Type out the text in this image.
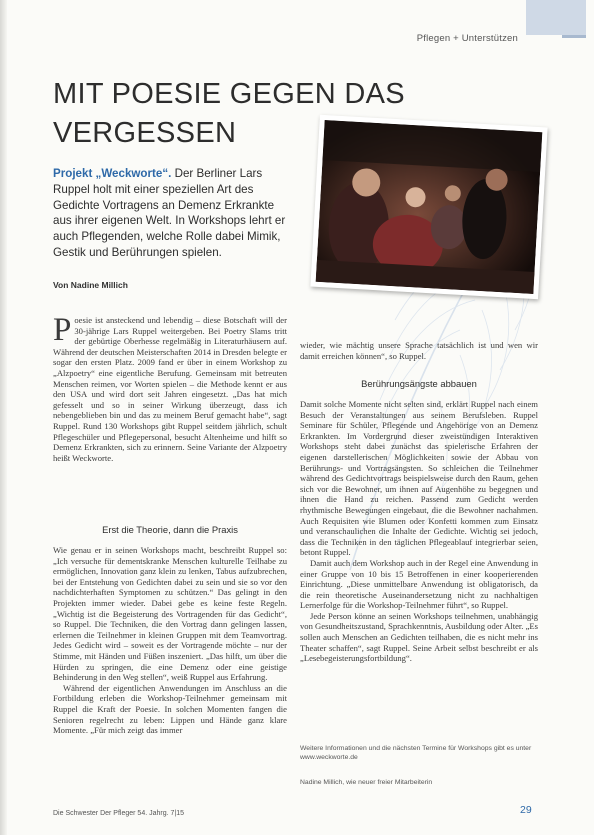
Pflegen + Unterstützen
MIT POESIE GEGEN DAS VERGESSEN
Projekt „Weckworte“. Der Berliner Lars Ruppel holt mit einer speziellen Art des Gedichte Vortragens an Demenz Erkrankte aus ihrer eigenen Welt. In Workshops lehrt er auch Pflegenden, welche Rolle dabei Mimik, Gestik und Berührungen spielen.
Von Nadine Millich

Poesie ist ansteckend und lebendig – diese Botschaft will der 30-jährige Lars Ruppel weitergeben. Bei Poetry Slams tritt der gebürtige Oberhesse regelmäßig in Literaturhäusern auf. Während der deutschen Meisterschaften 2014 in Dresden belegte er sogar den ersten Platz. 2009 fand er über in einem Workshop zu „Alzpoetry“ eine eigentliche Berufung. Gemeinsam mit betreuten Menschen reimen, vor Worten spielen – die Methode kennt er aus den USA und wird dort seit Jahren eingesetzt. „Das hat mich gefesselt und so in seiner Wirkung überzeugt, dass ich nebengeblieben bin und das zu meinem Beruf gemacht habe“, sagt Ruppel. Rund 130 Workshops gibt Ruppel seitdem jährlich, schult Pflegeschüler und Pflegepersonal, besucht Altenheime und hilft so Demenz Erkrankten, sich zu erinnern. Seine Variante der Alzpoetry heißt Weckworte.

Erst die Theorie, dann die Praxis

Wie genau er in seinen Workshops macht, beschreibt Ruppel so: „Ich versuche für dementskranke Menschen kulturelle Teilhabe zu ermöglichen, Innovation ganz klein zu lenken, Tabus aufzubrechen, bei der Entstehung von Gedichten dabei zu sein und sie so vor den nachdichterhaften Symptomen zu schützen.“ Das gelingt in den Projekten immer wieder. Dabei gebe es keine feste Regeln. „Wichtig ist die Begeisterung des Vortragenden für das Gedicht“, so Ruppel. Die Techniken, die den Vortrag dann gelingen lassen, erlernen die Teilnehmer in kleinen Gruppen mit dem Teamvortrag. Jedes Gedicht wird – soweit es der Vortragende möchte – nur der Stimme, mit Händen und Füßen inszeniert. „Das hilft, um über die Hürden zu springen, die eine Demenz oder eine geistige Behinderung in den Weg stellen“, weiß Ruppel aus Erfahrung.

Während der eigentlichen Anwendungen im Anschluss an die Fortbildung erleben die Workshop-Teilnehmer gemeinsam mit Ruppel die Kraft der Poesie. In solchen Momenten fangen die Senioren regelrecht zu leben: Lippen und Hände ganz klare Momente. „Für mich zeigt das immer

wieder, wie mächtig unsere Sprache tatsächlich ist und wen wir damit erreichen können“, so Ruppel.

Berührungsängste abbauen

Damit solche Momente nicht selten sind, erklärt Ruppel nach einem Besuch der Veranstaltungen aus seinem Berufsleben. Ruppel Seminare für Schüler, Pflegende und Angehörige von an Demenz Erkrankten. Im Vordergrund dieser zweistündigen Interaktiven Workshops steht dabei zunächst das spielerische Erfahren der eigenen darstellerischen Möglichkeiten sowie der Abbau von Berührungs- und Vortragsängsten. So schleichen die Teilnehmer während des Gedichtvortrags beispielsweise durch den Raum, gehen sich vor die Bewohner, um ihnen auf Augenhöhe zu begegnen und ihnen die Hand zu reichen. Passend zum Gedicht werden rhythmische Bewegungen eingebaut, die die Bewohner nachahmen. Auch Requisiten wie Blumen oder Konfetti kommen zum Einsatz und veranschaulichen die Inhalte der Gedichte. Wichtig sei jedoch, dass die Techniken in den täglichen Pflegeablauf integrierbar seien, betont Ruppel.

Damit auch dem Workshop auch in der Regel eine Anwendung in einer Gruppe von 10 bis 15 Betroffenen in einer kooperierenden Einrichtung. „Diese unmittelbare Anwendung ist obligatorisch, da die rein theoretische Auseinandersetzung nicht zu nachhaltigen Lernerfolge für die Workshop-Teilnehmer führt“, so Ruppel.

Jede Person könne an seinen Workshops teilnehmen, unabhängig von Gesundheitszustand, Sprachkenntnis, Ausbildung oder Alter. „Es sollen auch Menschen an Gedichten teilhaben, die es nicht mehr ins Theater schaffen“, sagt Ruppel. Seine Arbeit selbst beschreibt er als „Lesebegeisterungsfortbildung“.

Weitere Informationen und die nächsten Termine für Workshops gibt es unter www.weckworte.de
Nadine Millich, wie neuer freier Mitarbeiterin
Die Schwester Der Pfleger 54. Jahrg. 7|15	29
